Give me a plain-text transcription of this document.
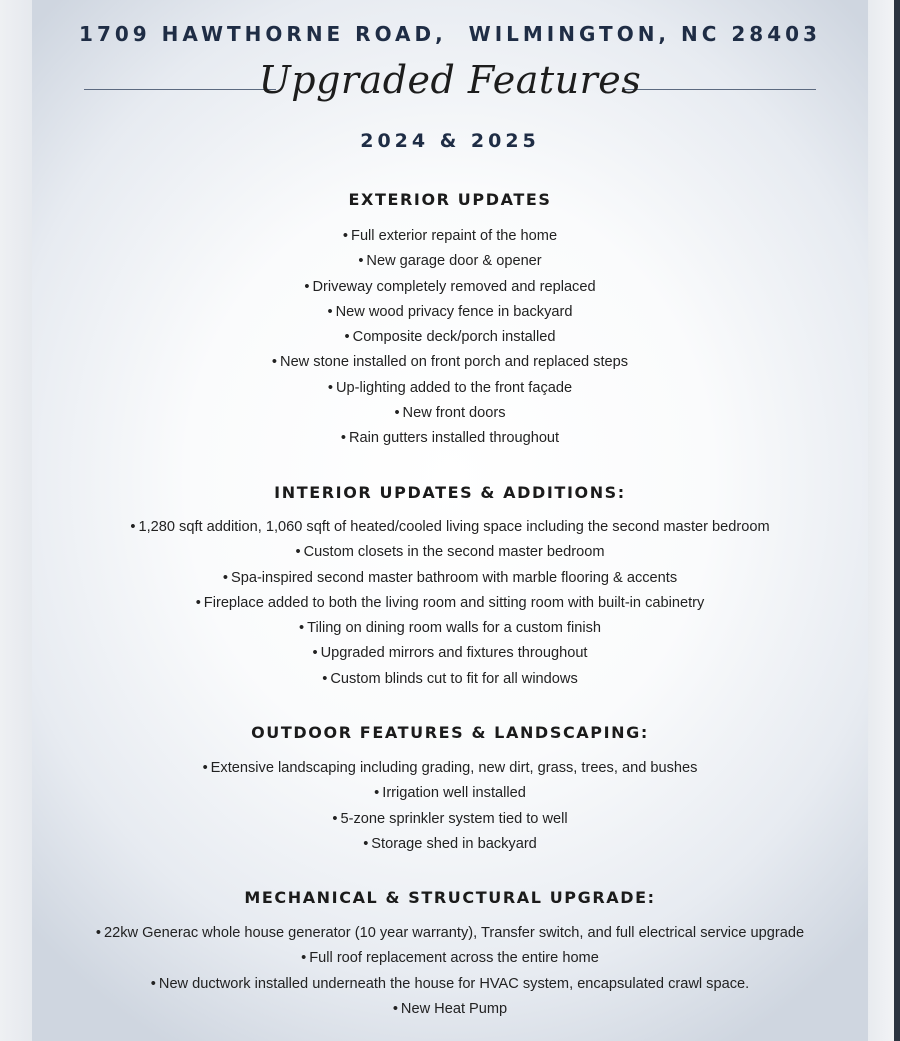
1709 HAWTHORNE ROAD,  WILMINGTON, NC 28403
Upgraded Features
2024 & 2025
EXTERIOR UPDATES
• Full exterior repaint of the home
• New garage door & opener
• Driveway completely removed and replaced
• New wood privacy fence in backyard
• Composite deck/porch installed
• New stone installed on front porch and replaced steps
• Up-lighting added to the front façade
• New front doors
• Rain gutters installed throughout
INTERIOR UPDATES & ADDITIONS:
• 1,280 sqft addition, 1,060 sqft of heated/cooled living space including the second master bedroom
• Custom closets in the second master bedroom
• Spa-inspired second master bathroom with marble flooring & accents
• Fireplace added to both the living room and sitting room with built-in cabinetry
• Tiling on dining room walls for a custom finish
• Upgraded mirrors and fixtures throughout
• Custom blinds cut to fit for all windows
OUTDOOR FEATURES & LANDSCAPING:
• Extensive landscaping including grading, new dirt, grass, trees, and bushes
• Irrigation well installed
• 5-zone sprinkler system tied to well
• Storage shed in backyard
MECHANICAL & STRUCTURAL UPGRADE:
• 22kw Generac whole house generator (10 year warranty), Transfer switch, and full electrical service upgrade
• Full roof replacement across the entire home
• New ductwork installed underneath the house for HVAC system, encapsulated crawl space.
• New Heat Pump
